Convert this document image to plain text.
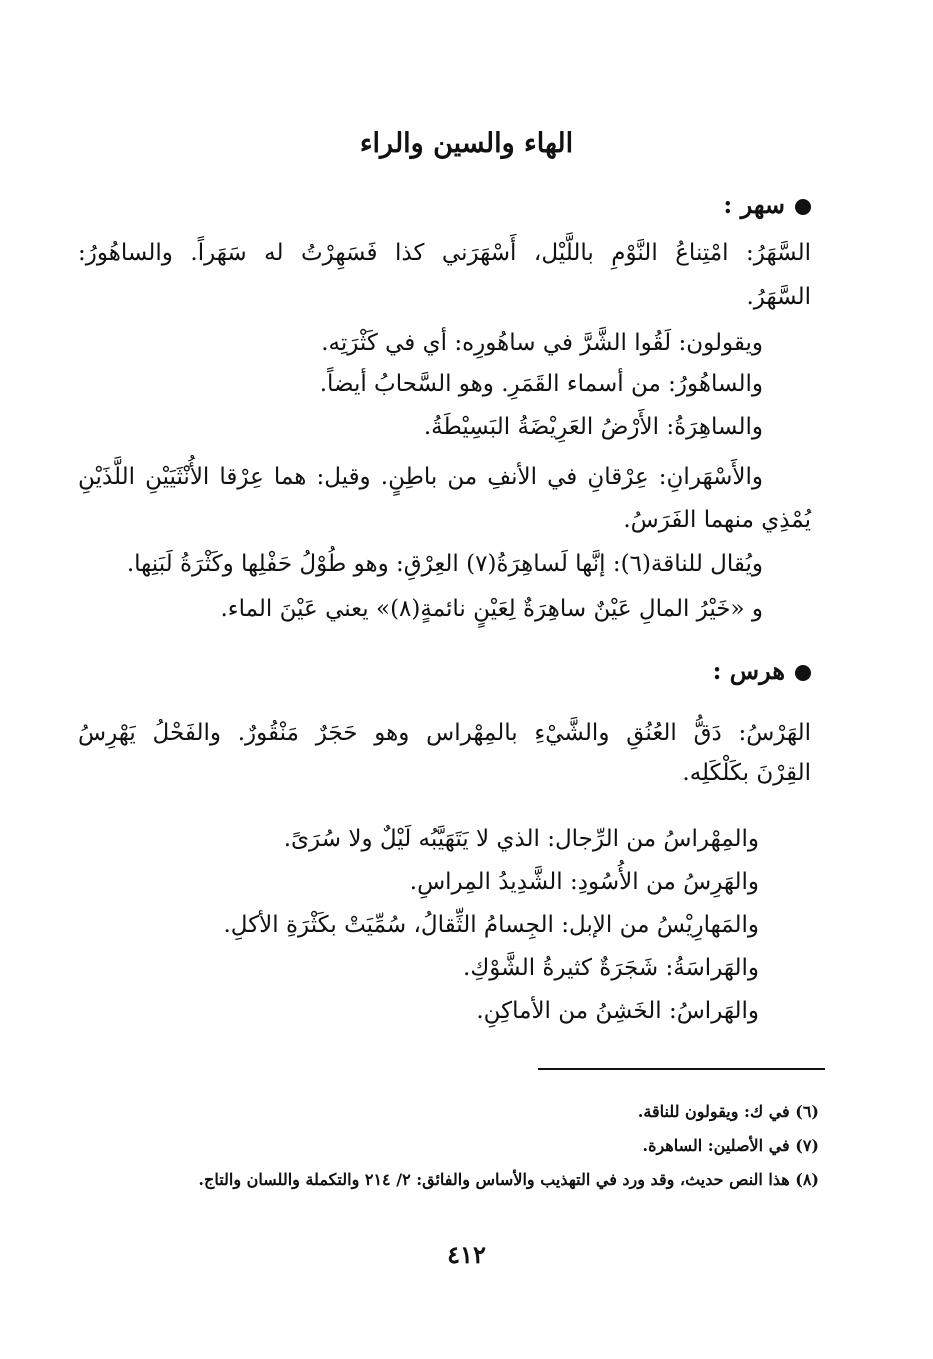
الهاء والسين والراء
سهر :
السَّهَرُ: امْتِناعُ النَّوْمِ باللَّيْل، أَسْهَرَني كذا فَسَهِرْتُ له سَهَراً. والساهُورُ:
السَّهَرُ.
ويقولون: لَقُوا الشَّرَّ في ساهُورِه: أي في كَثْرَتِه.
والساهُورُ: من أسماء القَمَرِ. وهو السَّحابُ أيضاً.
والساهِرَةُ: الأَرْضُ العَرِيْضَةُ البَسِيْطَةُ.
والأَسْهَرانِ: عِرْقانِ في الأنفِ من باطِنٍ. وقيل: هما عِرْقا الأُنْثَيَيْنِ اللَّذَيْنِ
يُمْذِي منهما الفَرَسُ.
ويُقال للناقة(٦): إنَّها لَساهِرَةُ(٧) العِرْقِ: وهو طُوْلُ حَفْلِها وكَثْرَةُ لَبَنِها.
و «خَيْرُ المالِ عَيْنٌ ساهِرَةٌ لِعَيْنٍ نائمةٍ(٨)» يعني عَيْنَ الماء.
هرس :
الهَرْسُ: دَقُّ العُنُقِ والشَّيْءِ بالمِهْراس وهو حَجَرٌ مَنْقُورٌ. والفَحْلُ يَهْرِسُ
القِرْنَ بكَلْكَلِه.
والمِهْراسُ من الرِّجال: الذي لا يَتَهَيَّبُه لَيْلٌ ولا سُرَىً.
والهَرِسُ من الأُسُودِ: الشَّدِيدُ المِراسِ.
والمَهارِيْسُ من الإبل: الجِسامُ الثِّقالُ، سُمِّيَتْ بكَثْرَةِ الأكلِ.
والهَراسَةُ: شَجَرَةٌ كثيرةُ الشَّوْكِ.
والهَراسُ: الخَشِنُ من الأماكِنِ.
(٦) في ك: ويقولون للناقة.
(٧) في الأصلين: الساهرة.
(٨) هذا النص حديث، وقد ورد في التهذيب والأساس والفائق: ٢/ ٢١٤ والتكملة واللسان والتاج.
٤١٢
